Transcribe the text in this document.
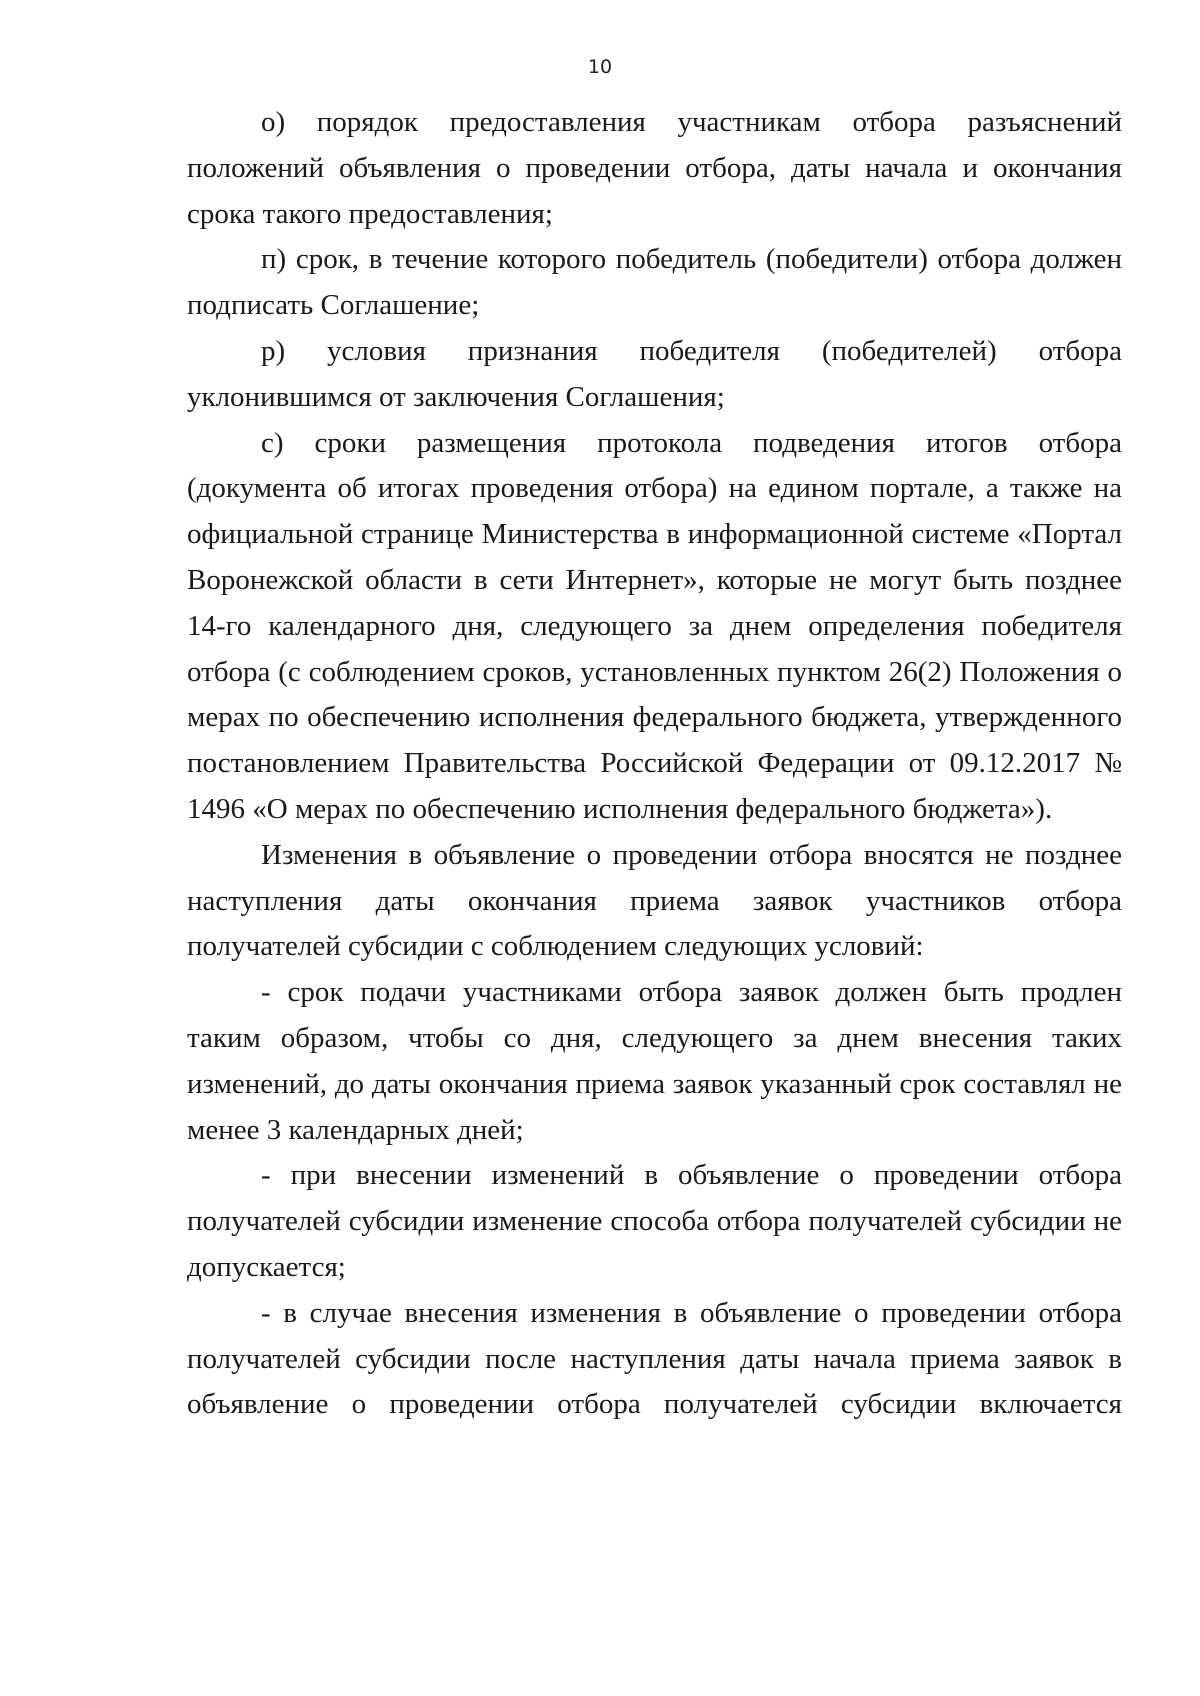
10

о) порядок предоставления участникам отбора разъяснений положений объявления о проведении отбора, даты начала и окончания срока такого предоставления;

п) срок, в течение которого победитель (победители) отбора должен подписать Соглашение;

р) условия признания победителя (победителей) отбора уклонившимся от заключения Соглашения;

с) сроки размещения протокола подведения итогов отбора (документа об итогах проведения отбора) на едином портале, а также на официальной странице Министерства в информационной системе «Портал Воронежской области в сети Интернет», которые не могут быть позднее 14-го календарного дня, следующего за днем определения победителя отбора (с соблюдением сроков, установленных пунктом 26(2) Положения о мерах по обеспечению исполнения федерального бюджета, утвержденного постановлением Правительства Российской Федерации от 09.12.2017 № 1496 «О мерах по обеспечению исполнения федерального бюджета»).

Изменения в объявление о проведении отбора вносятся не позднее наступления даты окончания приема заявок участников отбора получателей субсидии с соблюдением следующих условий:

- срок подачи участниками отбора заявок должен быть продлен таким образом, чтобы со дня, следующего за днем внесения таких изменений, до даты окончания приема заявок указанный срок составлял не менее 3 календарных дней;

- при внесении изменений в объявление о проведении отбора получателей субсидии изменение способа отбора получателей субсидии не допускается;

- в случае внесения изменения в объявление о проведении отбора получателей субсидии после наступления даты начала приема заявок в объявление о проведении отбора получателей субсидии включается
